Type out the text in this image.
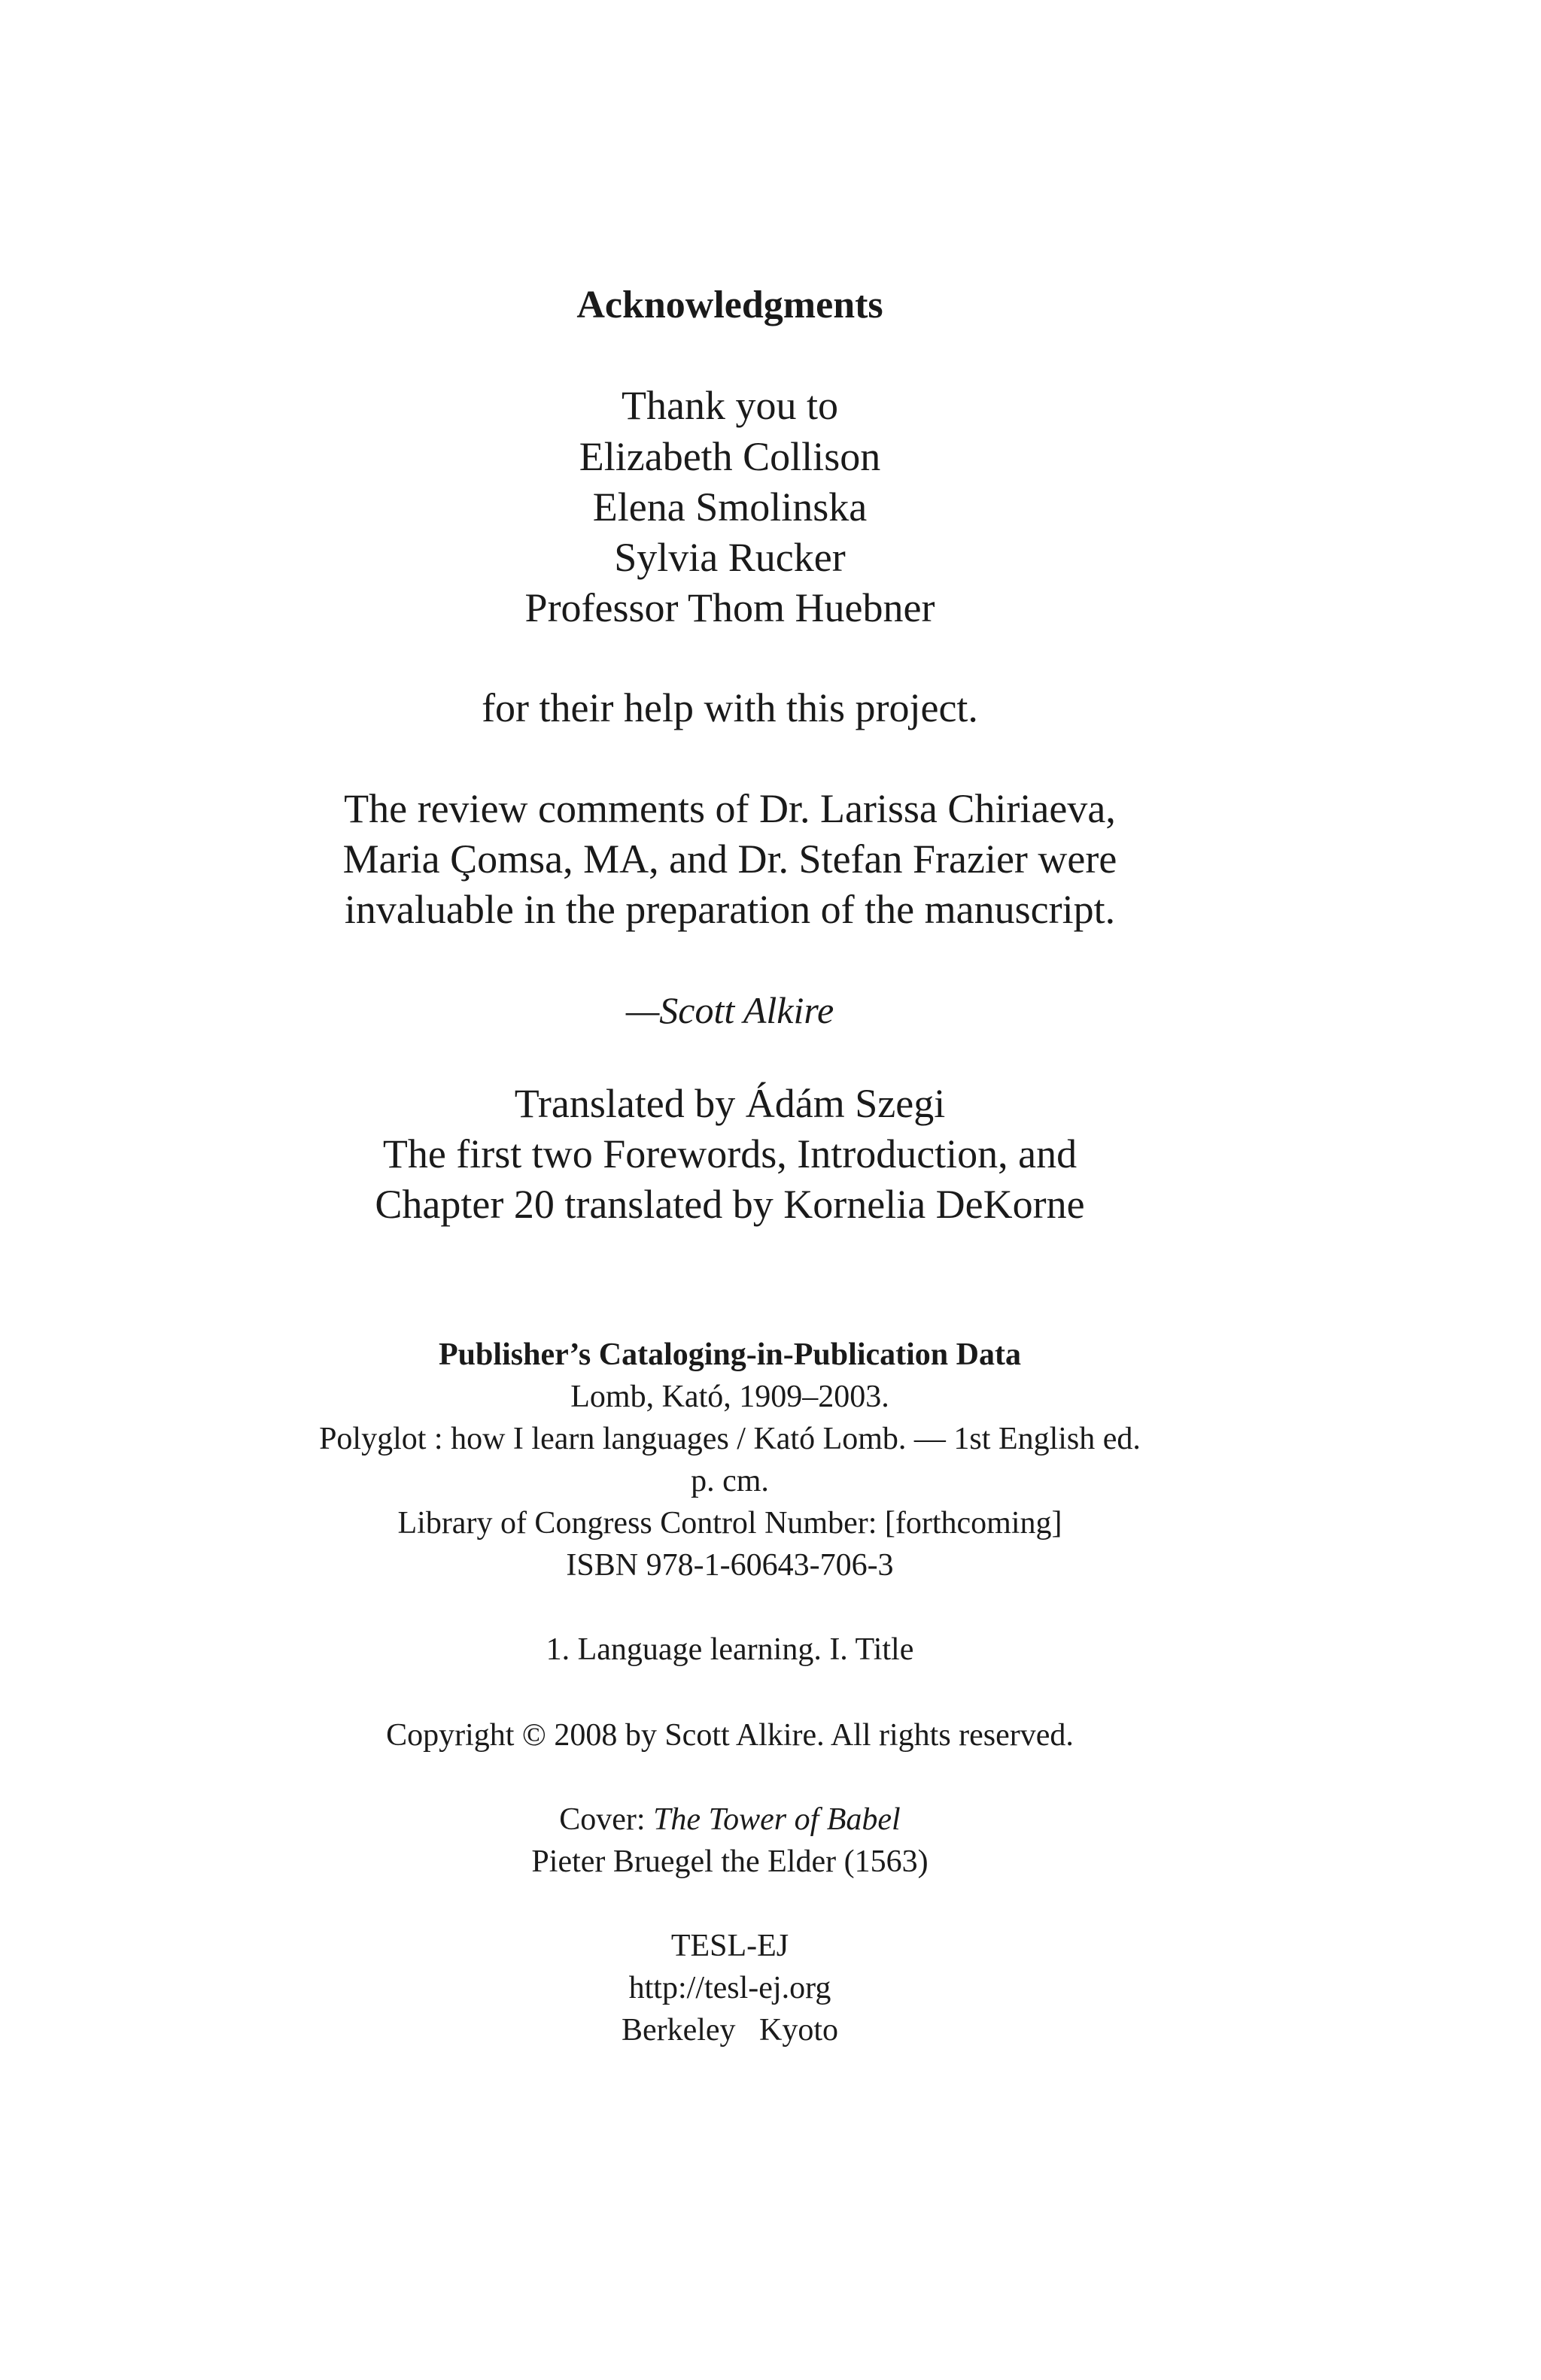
Acknowledgments
Thank you to
Elizabeth Collison
Elena Smolinska
Sylvia Rucker
Professor Thom Huebner
for their help with this project.
The review comments of Dr. Larissa Chiriaeva,
Maria Çomsa, MA, and Dr. Stefan Frazier were
invaluable in the preparation of the manuscript.
—Scott Alkire
Translated by Ádám Szegi
The first two Forewords, Introduction, and
Chapter 20 translated by Kornelia DeKorne
Publisher’s Cataloging-in-Publication Data
Lomb, Kató, 1909–2003.
Polyglot : how I learn languages / Kató Lomb. — 1st English ed.
p. cm.
Library of Congress Control Number: [forthcoming]
ISBN 978-1-60643-706-3
1. Language learning. I. Title
Copyright © 2008 by Scott Alkire. All rights reserved.
Cover: The Tower of Babel
Pieter Bruegel the Elder (1563)
TESL-EJ
http://tesl-ej.org
Berkeley   Kyoto
